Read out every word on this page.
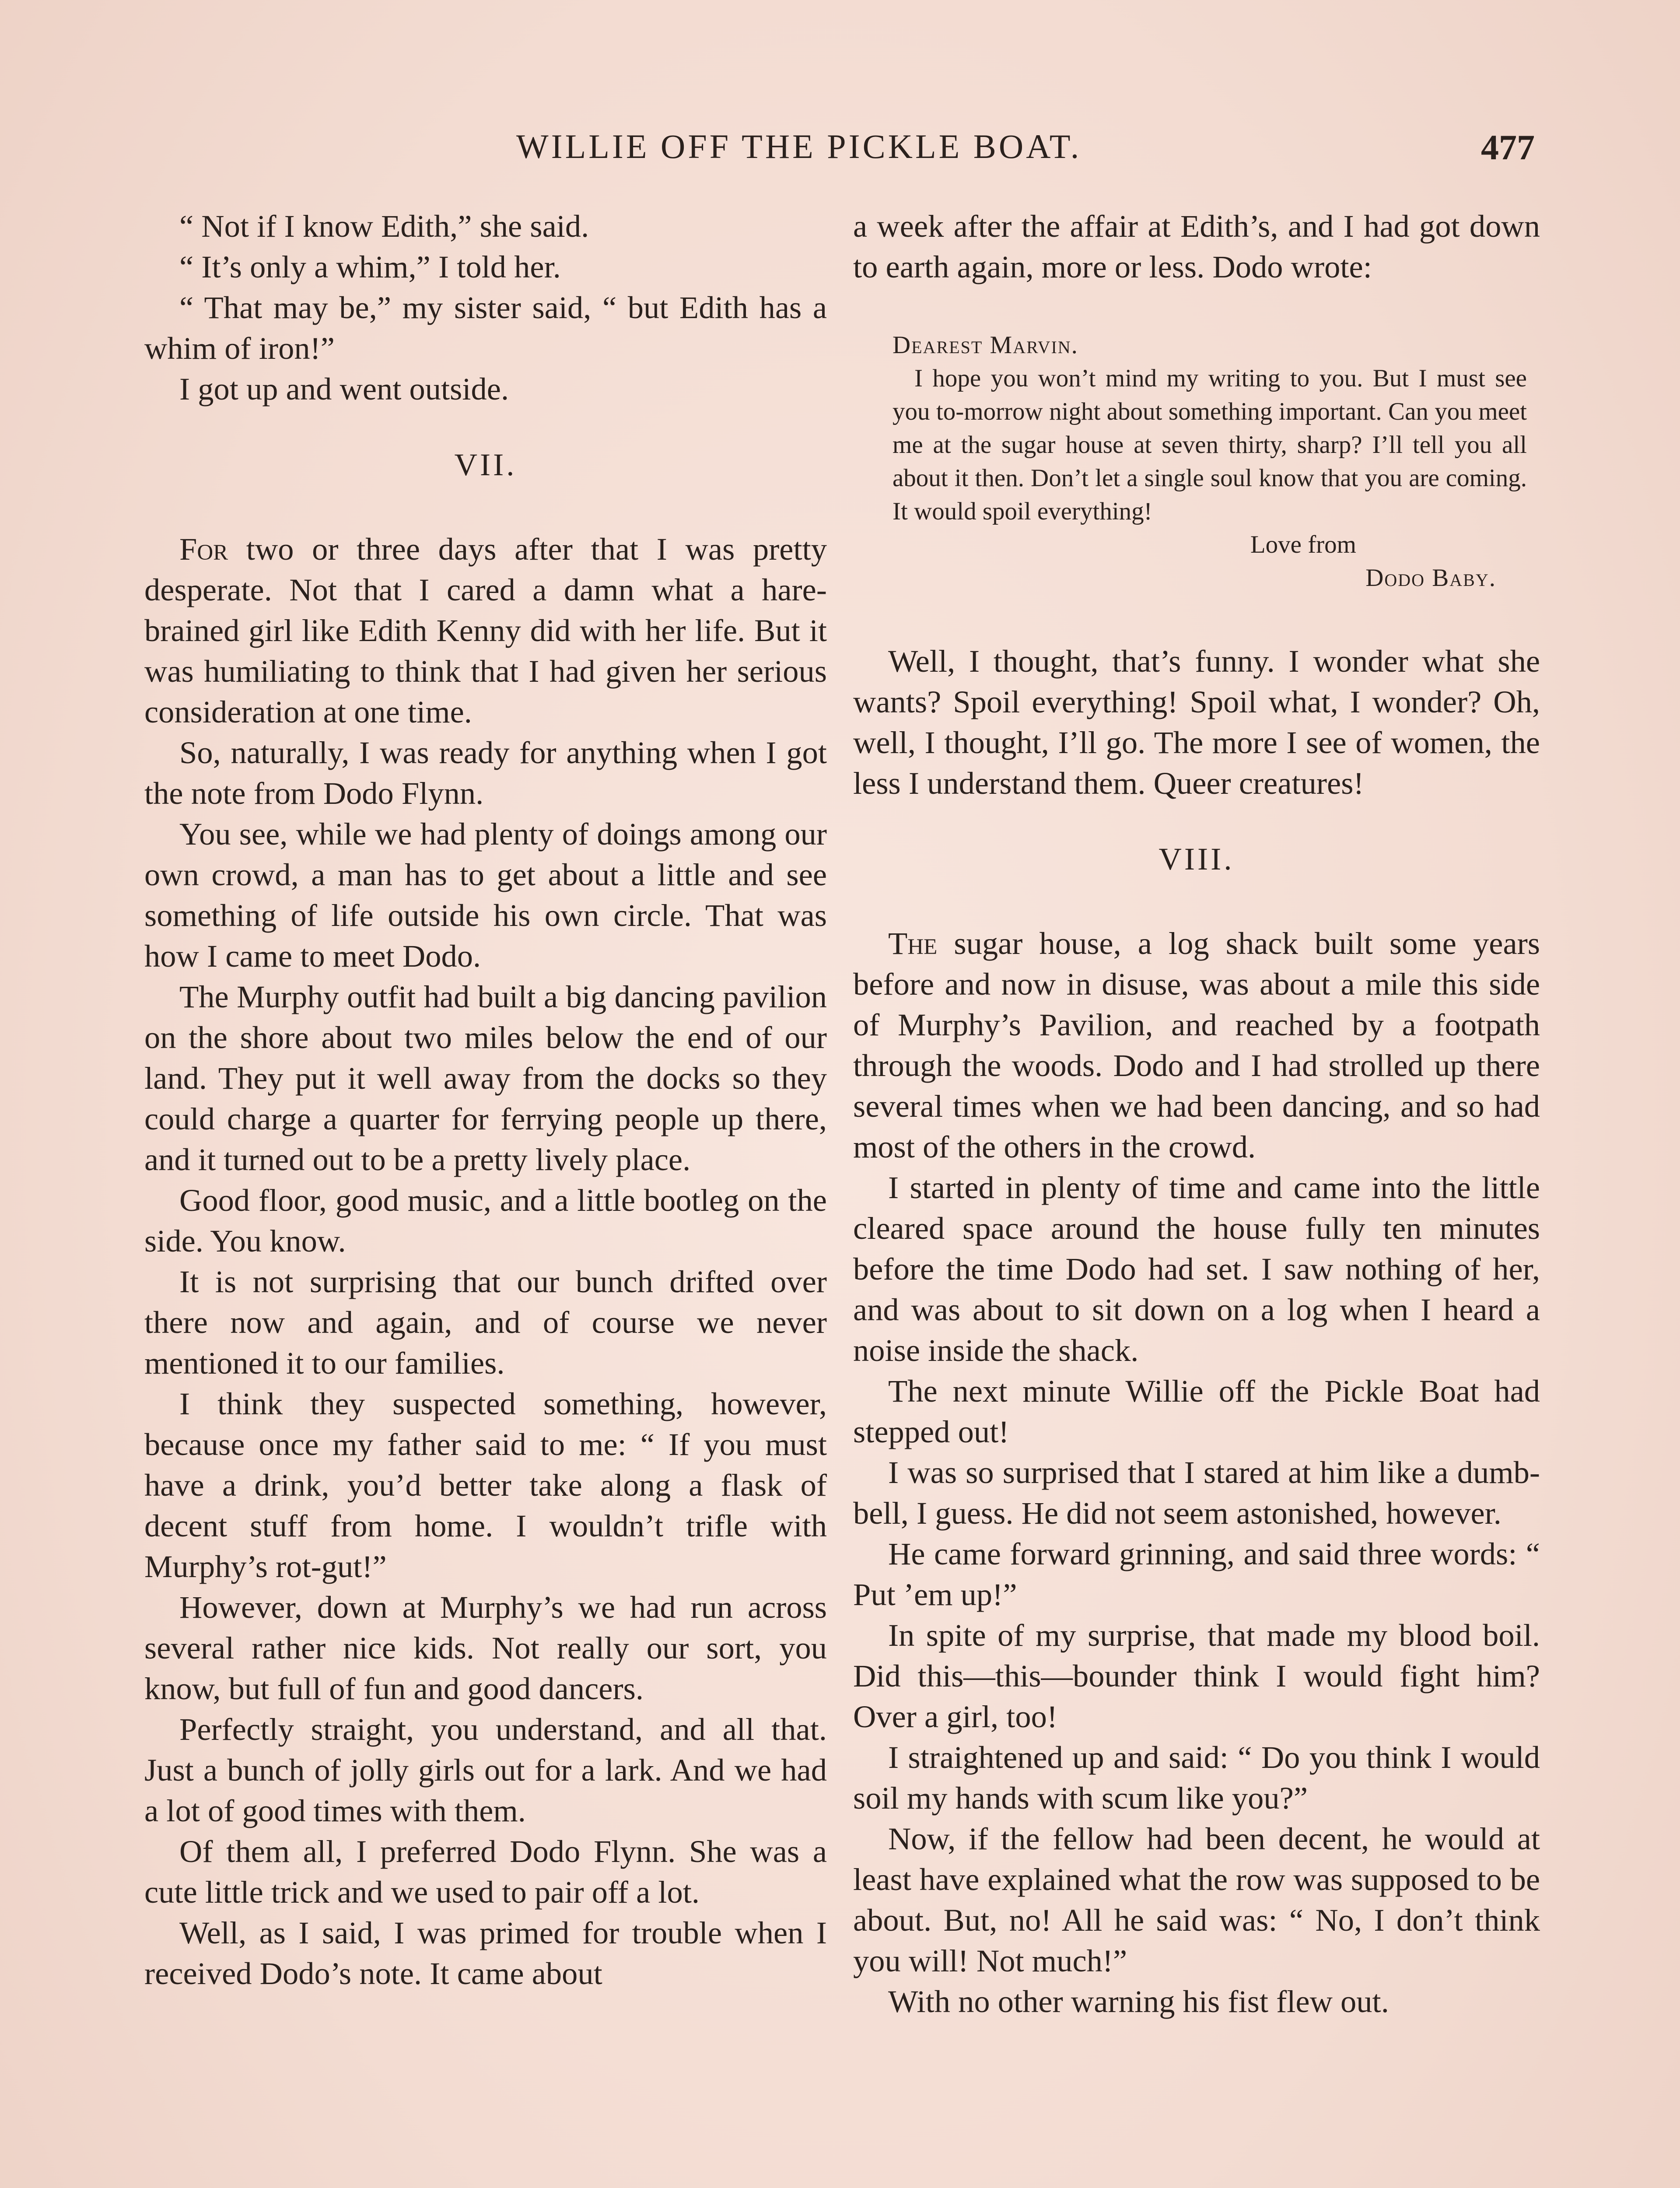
WILLIE OFF THE PICKLE BOAT.	477

“ Not if I know Edith,” she said.

“ It’s only a whim,” I told her.

“ That may be,” my sister said, “ but Edith has a whim of iron!”

I got up and went outside.

VII.

For two or three days after that I was pretty desperate. Not that I cared a damn what a hare-brained girl like Edith Kenny did with her life. But it was humiliating to think that I had given her serious consideration at one time.

So, naturally, I was ready for anything when I got the note from Dodo Flynn.

You see, while we had plenty of doings among our own crowd, a man has to get about a little and see something of life outside his own circle. That was how I came to meet Dodo.

The Murphy outfit had built a big dancing pavilion on the shore about two miles below the end of our land. They put it well away from the docks so they could charge a quarter for ferrying people up there, and it turned out to be a pretty lively place.

Good floor, good music, and a little bootleg on the side. You know.

It is not surprising that our bunch drifted over there now and again, and of course we never mentioned it to our families.

I think they suspected something, however, because once my father said to me: “ If you must have a drink, you’d better take along a flask of decent stuff from home. I wouldn’t trifle with Murphy’s rot-gut!”

However, down at Murphy’s we had run across several rather nice kids. Not really our sort, you know, but full of fun and good dancers.

Perfectly straight, you understand, and all that. Just a bunch of jolly girls out for a lark. And we had a lot of good times with them.

Of them all, I preferred Dodo Flynn. She was a cute little trick and we used to pair off a lot.

Well, as I said, I was primed for trouble when I received Dodo’s note. It came about

a week after the affair at Edith’s, and I had got down to earth again, more or less. Dodo wrote:

Dearest Marvin.

I hope you won’t mind my writing to you. But I must see you to-morrow night about something important. Can you meet me at the sugar house at seven thirty, sharp? I’ll tell you all about it then. Don’t let a single soul know that you are coming. It would spoil everything!

Love from

Dodo Baby.

Well, I thought, that’s funny. I wonder what she wants? Spoil everything! Spoil what, I wonder? Oh, well, I thought, I’ll go. The more I see of women, the less I understand them. Queer creatures!

VIII.

The sugar house, a log shack built some years before and now in disuse, was about a mile this side of Murphy’s Pavilion, and reached by a footpath through the woods. Dodo and I had strolled up there several times when we had been dancing, and so had most of the others in the crowd.

I started in plenty of time and came into the little cleared space around the house fully ten minutes before the time Dodo had set. I saw nothing of her, and was about to sit down on a log when I heard a noise inside the shack.

The next minute Willie off the Pickle Boat had stepped out!

I was so surprised that I stared at him like a dumb-bell, I guess. He did not seem astonished, however.

He came forward grinning, and said three words: “ Put ’em up!”

In spite of my surprise, that made my blood boil. Did this—this—bounder think I would fight him? Over a girl, too!

I straightened up and said: “ Do you think I would soil my hands with scum like you?”

Now, if the fellow had been decent, he would at least have explained what the row was supposed to be about. But, no! All he said was: “ No, I don’t think you will! Not much!”

With no other warning his fist flew out.
